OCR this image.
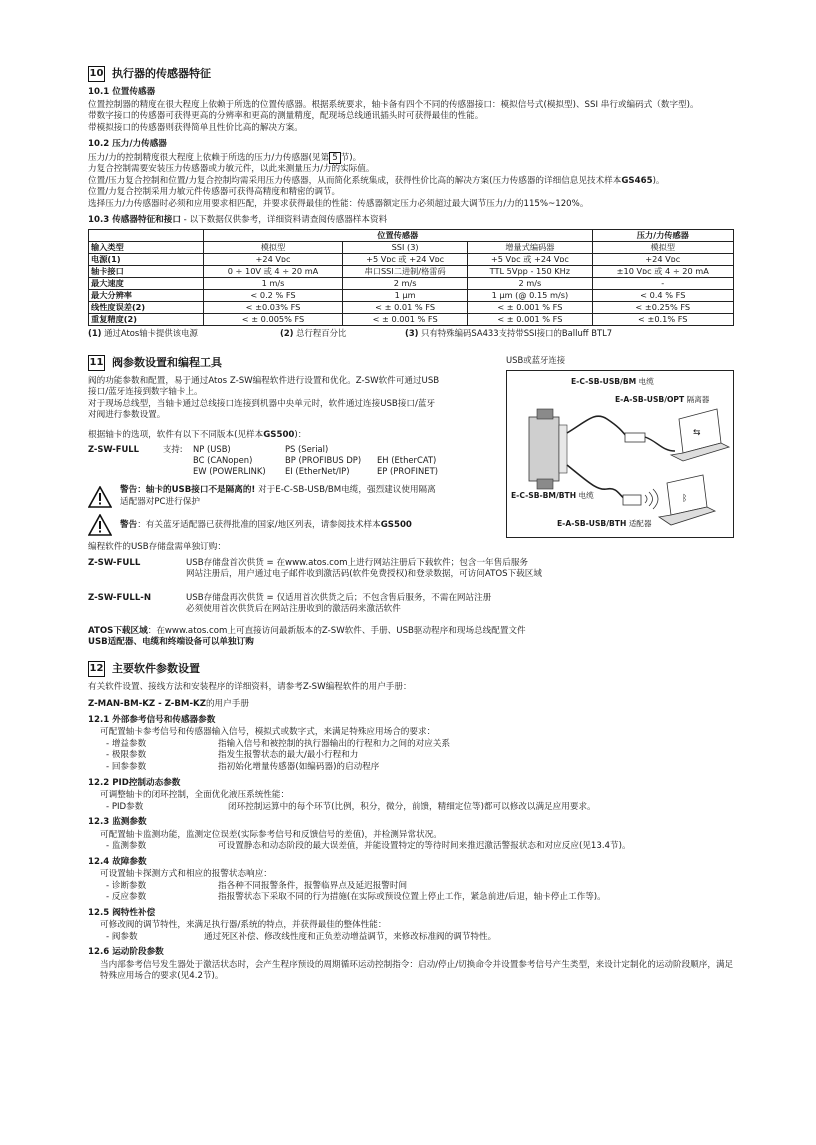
10 执行器的传感器特征
10.1 位置传感器

位置控制器的精度在很大程度上依赖于所选的位置传感器。根据系统要求，轴卡备有四个不同的传感器接口：模拟信号式(模拟型)、SSI 串行或编码式（数字型)。

带数字接口的传感器可获得更高的分辨率和更高的测量精度，配现场总线通讯插头时可获得最佳的性能。

带模拟接口的传感器则获得简单且性价比高的解决方案。

10.2 压力/力传感器

压力/力的控制精度很大程度上依赖于所选的压力/力传感器(见第 5 节)。

力复合控制需要安装压力传感器或力敏元件，以此来测量压力/力的实际值。

位置/压力复合控制和位置/力复合控制均需采用压力传感器，从而简化系统集成，获得性价比高的解决方案(压力传感器的详细信息见技术样本GS465)。

位置/力复合控制采用力敏元件传感器可获得高精度和精密的调节。

选择压力/力传感器时必须和应用要求相匹配，并要求获得最佳的性能：传感器额定压力必须超过最大调节压力/力的115%~120%。

10.3 传感器特征和接口 - 以下数据仅供参考，详细资料请查阅传感器样本资料
	位置传感器			压力/力传感器
输入类型	模拟型	SSI (3)	增量式编码器	模拟型
电源(1)	+24 Vᴅᴄ	+5 Vᴅᴄ 或 +24 Vᴅᴄ	+5 Vᴅᴄ 或 +24 Vᴅᴄ	+24 Vᴅᴄ
轴卡接口	0 ÷ 10V 或 4 ÷ 20 mA	串口SSI二进制/格雷码	TTL 5Vpp - 150 KHz	±10 Vᴅᴄ 或 4 ÷ 20 mA
最大速度	1 m/s	2 m/s	2 m/s	-
最大分辨率	< 0.2 % FS	1 μm	1 μm (@ 0.15 m/s)	< 0.4 % FS
线性度误差(2)	< ±0.03% FS	< ± 0.01 % FS	< ± 0.001 % FS	< ±0.25% FS
重复精度(2)	< ± 0.005% FS	< ± 0.001 % FS	< ± 0.001 % FS	< ±0.1% FS
(1) 通过Atos轴卡提供该电源	(2) 总行程百分比	(3) 只有特殊编码SA433支持带SSI接口的Balluff BTL7
11 阀参数设置和编程工具

阀的功能参数和配置，易于通过Atos Z-SW编程软件进行设置和优化。Z-SW软件可通过USB接口/蓝牙连接到数字轴卡上。

对于现场总线型，当轴卡通过总线接口连接到机器中央单元时，软件通过连接USB接口/蓝牙对阀进行参数设置。

根据轴卡的选项，软件有以下不同版本(见样本GS500)：

Z-SW-FULL	支持:	NP (USB)	PS (Serial)
BC (CANopen)	BP (PROFIBUS DP)	EH (EtherCAT)
EW (POWERLINK)	EI (EtherNet/IP)	EP (PROFINET)

警告：轴卡的USB接口不是隔离的! 对于E-C-SB-USB/BM电缆，强烈建议使用隔离适配器对PC进行保护

警告：有关蓝牙适配器已获得批准的国家/地区列表，请参阅技术样本GS500

编程软件的USB存储盘需单独订购：

Z-SW-FULL	USB存储盘首次供货 = 在www.atos.com上进行网站注册后下载软件；包含一年售后服务

网站注册后，用户通过电子邮件收到激活码(软件免费授权)和登录数据，可访问ATOS下载区域

Z-SW-FULL-N	USB存储盘再次供货 = 仅适用首次供货之后；不包含售后服务，不需在网站注册

必须使用首次供货后在网站注册收到的激活码来激活软件

ATOS下载区域：在www.atos.com上可直接访问最新版本的Z-SW软件、手册、USB驱动程序和现场总线配置文件

USB适配器、电缆和终端设备可以单独订购

USB或蓝牙连接
⇆
ᛒ
E-C-SB-USB/BM 电缆
E-A-SB-USB/OPT 隔离器
E-C-SB-BM/BTH 电缆
E-A-SB-USB/BTH 适配器
12 主要软件参数设置

有关软件设置、接线方法和安装程序的详细资料，请参考Z-SW编程软件的用户手册：

Z-MAN-BM-KZ - Z-BM-KZ的用户手册

12.1 外部参考信号和传感器参数

可配置轴卡参考信号和传感器输入信号，模拟式或数字式，来满足特殊应用场合的要求：

- 增益参数	指输入信号和被控制的执行器输出的行程和力之间的对应关系
- 极限参数	指发生报警状态的最大/最小行程和力
- 回参参数	指初始化增量传感器(如编码器)的启动程序
12.2 PID控制动态参数

可调整轴卡的闭环控制，全面优化液压系统性能：

- PID参数	闭环控制运算中的每个环节(比例，积分，微分，前馈，精细定位等)都可以修改以满足应用要求。
12.3 监测参数

可配置轴卡监测功能，监测定位误差(实际参考信号和反馈信号的差值)，并检测异常状况。

- 监测参数	可设置静态和动态阶段的最大误差值，并能设置特定的等待时间来推迟激活警报状态和对应反应(见13.4节)。
12.4 故障参数

可设置轴卡探测方式和相应的报警状态响应：

- 诊断参数	指各种不同报警条件，报警临界点及延迟报警时间
- 反应参数	指报警状态下采取不同的行为措施(在实际或预设位置上停止工作，紧急前进/后退，轴卡停止工作等)。
12.5 阀特性补偿

可修改阀的调节特性，来满足执行器/系统的特点，并获得最佳的整体性能：

- 阀参数	通过死区补偿、修改线性度和正负差动增益调节，来修改标准阀的调节特性。
12.6 运动阶段参数

当内部参考信号发生器处于激活状态时，会产生程序预设的周期循环运动控制指令：启动/停止/切换命令并设置参考信号产生类型，来设计定制化的运动阶段顺序，满足特殊应用场合的要求(见4.2节)。
